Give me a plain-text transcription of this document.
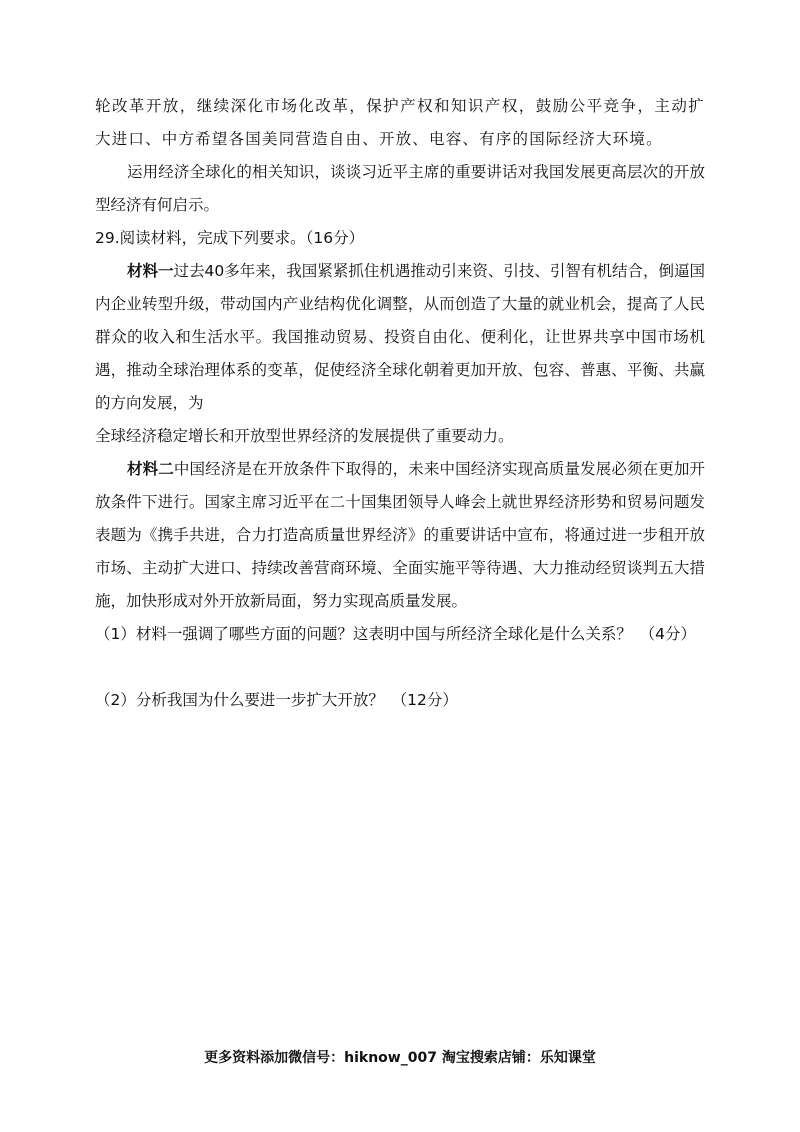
轮改革开放，继续深化市场化改革，保护产权和知识产权，鼓励公平竞争，主动扩大进口、中方希望各国美同营造自由、开放、电容、有序的国际经济大环境。

运用经济全球化的相关知识，谈谈习近平主席的重要讲话对我国发展更高层次的开放型经济有何启示。

29.阅读材料，完成下列要求。（16分）

材料一过去40多年来，我国紧紧抓住机遇推动引来资、引技、引智有机结合，倒逼国内企业转型升级，带动国内产业结构优化调整，从而创造了大量的就业机会，提高了人民群众的收入和生活水平。我国推动贸易、投资自由化、便利化，让世界共享中国市场机遇，推动全球治理体系的变革，促使经济全球化朝着更加开放、包容、普惠、平衡、共赢的方向发展，为

全球经济稳定增长和开放型世界经济的发展提供了重要动力。

材料二中国经济是在开放条件下取得的，未来中国经济实现高质量发展必须在更加开放条件下进行。国家主席习近平在二十国集团领导人峰会上就世界经济形势和贸易问题发表题为《携手共进，合力打造高质量世界经济》的重要讲话中宣布，将通过进一步租开放市场、主动扩大进口、持续改善营商环境、全面实施平等待遇、大力推动经贸谈判五大措施，加快形成对外开放新局面，努力实现高质量发展。

（1）材料一强调了哪些方面的问题？这表明中国与所经济全球化是什么关系？　（4分）

（2）分析我国为什么要进一步扩大开放？　（12分）

更多资料添加微信号：hiknow_007 淘宝搜索店铺：乐知课堂
